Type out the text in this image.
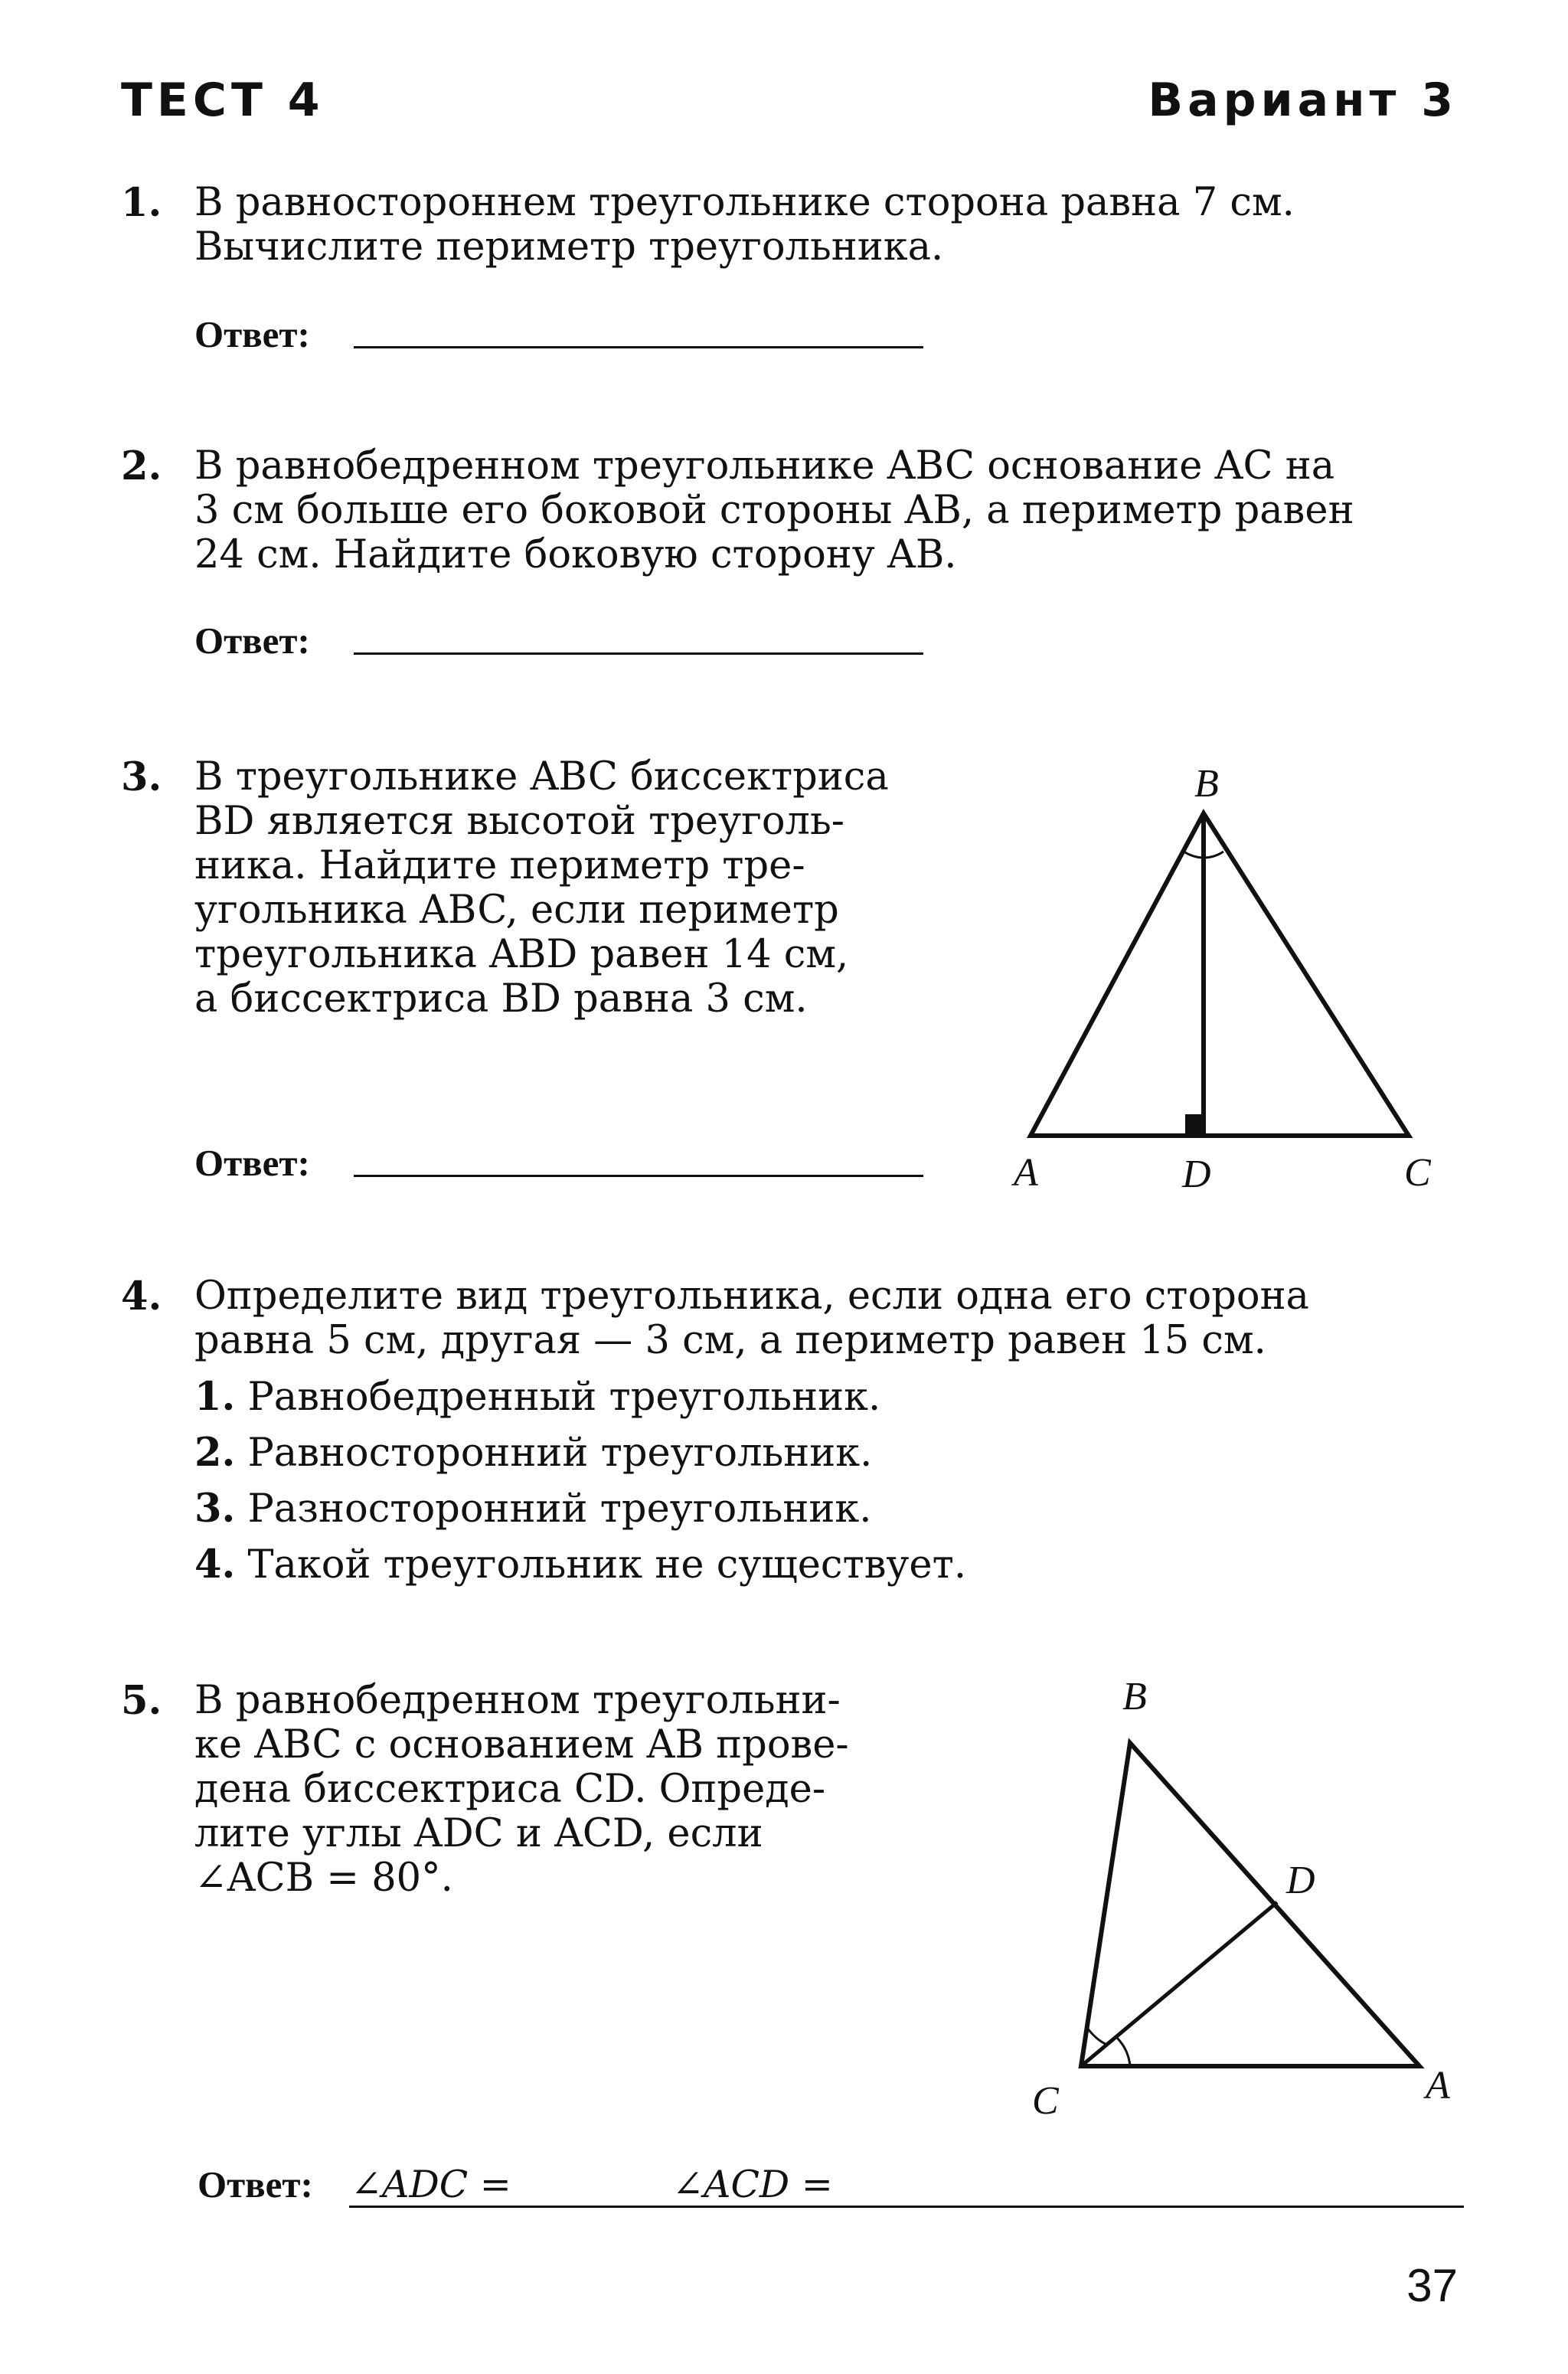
ТЕСТ 4	Вариант 3
1. В равностороннем треугольнике сторона равна 7 см.
Вычислите периметр треугольника.
Ответ:
2. В равнобедренном треугольнике ABC основание AC на
3 см больше его боковой стороны AB, а периметр равен
24 см. Найдите боковую сторону AB.
Ответ:
3. В треугольнике ABC биссектриса
BD является высотой треуголь-
ника. Найдите периметр тре-
угольника ABC, если периметр
треугольника ABD равен 14 см,
а биссектриса BD равна 3 см.
Ответ:
B
A	D	C
4. Определите вид треугольника, если одна его сторона
равна 5 см, другая — 3 см, а периметр равен 15 см.
1. Равнобедренный треугольник.
2. Равносторонний треугольник.
3. Разносторонний треугольник.
4. Такой треугольник не существует.
5. В равнобедренном треугольни-
ке ABC с основанием AB прове-
дена биссектриса CD. Опреде-
лите углы ADC и ACD, если
∠ACB = 80°.
B
D
C	A
Ответ: ∠ADC =	∠ACD =
37
